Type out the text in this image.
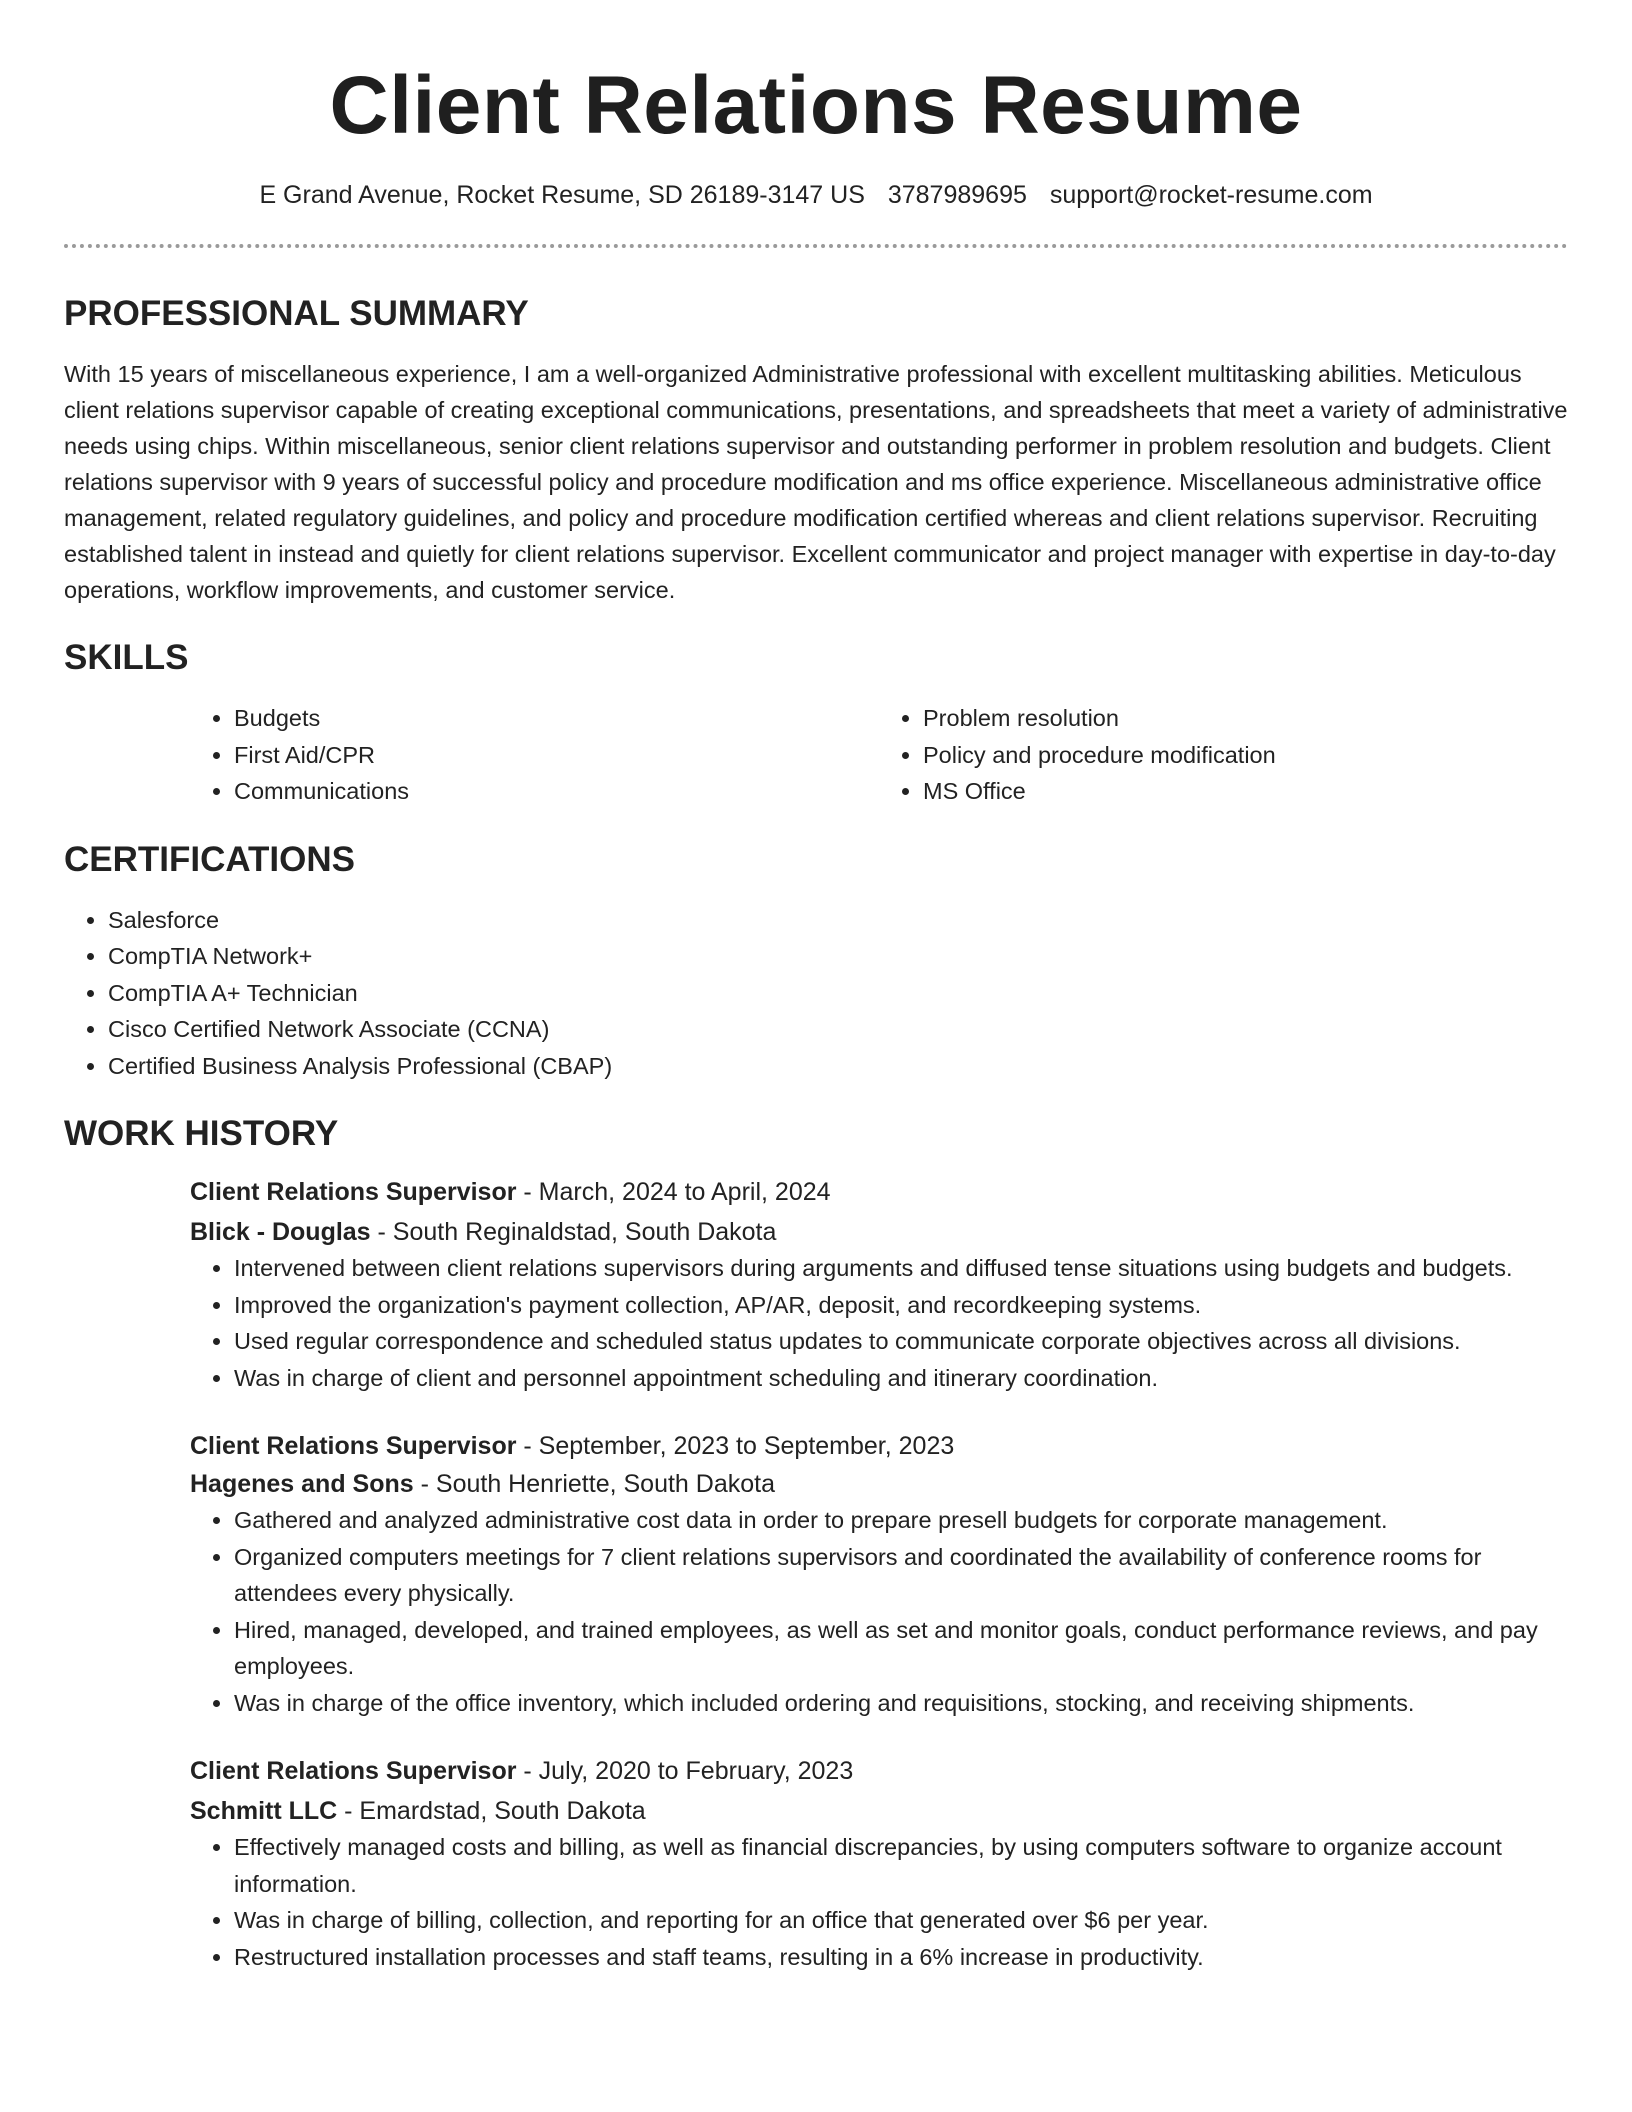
Client Relations Resume
E Grand Avenue, Rocket Resume, SD 26189-3147 US 3787989695 support@rocket-resume.com
PROFESSIONAL SUMMARY

With 15 years of miscellaneous experience, I am a well-organized Administrative professional with excellent multitasking abilities. Meticulous client relations supervisor capable of creating exceptional communications, presentations, and spreadsheets that meet a variety of administrative needs using chips. Within miscellaneous, senior client relations supervisor and outstanding performer in problem resolution and budgets. Client relations supervisor with 9 years of successful policy and procedure modification and ms office experience. Miscellaneous administrative office management, related regulatory guidelines, and policy and procedure modification certified whereas and client relations supervisor. Recruiting established talent in instead and quietly for client relations supervisor. Excellent communicator and project manager with expertise in day-to-day operations, workflow improvements, and customer service.

SKILLS
• Budgets
• First Aid/CPR
• Communications
• Problem resolution
• Policy and procedure modification
• MS Office
CERTIFICATIONS
• Salesforce
• CompTIA Network+
• CompTIA A+ Technician
• Cisco Certified Network Associate (CCNA)
• Certified Business Analysis Professional (CBAP)
WORK HISTORY

Client Relations Supervisor - March, 2024 to April, 2024

Blick - Douglas - South Reginaldstad, South Dakota

• Intervened between client relations supervisors during arguments and diffused tense situations using budgets and budgets.
• Improved the organization's payment collection, AP/AR, deposit, and recordkeeping systems.
• Used regular correspondence and scheduled status updates to communicate corporate objectives across all divisions.
• Was in charge of client and personnel appointment scheduling and itinerary coordination.

Client Relations Supervisor - September, 2023 to September, 2023

Hagenes and Sons - South Henriette, South Dakota

• Gathered and analyzed administrative cost data in order to prepare presell budgets for corporate management.
• Organized computers meetings for 7 client relations supervisors and coordinated the availability of conference rooms for attendees every physically.
• Hired, managed, developed, and trained employees, as well as set and monitor goals, conduct performance reviews, and pay employees.
• Was in charge of the office inventory, which included ordering and requisitions, stocking, and receiving shipments.

Client Relations Supervisor - July, 2020 to February, 2023

Schmitt LLC - Emardstad, South Dakota

• Effectively managed costs and billing, as well as financial discrepancies, by using computers software to organize account information.
• Was in charge of billing, collection, and reporting for an office that generated over $6 per year.
• Restructured installation processes and staff teams, resulting in a 6% increase in productivity.
